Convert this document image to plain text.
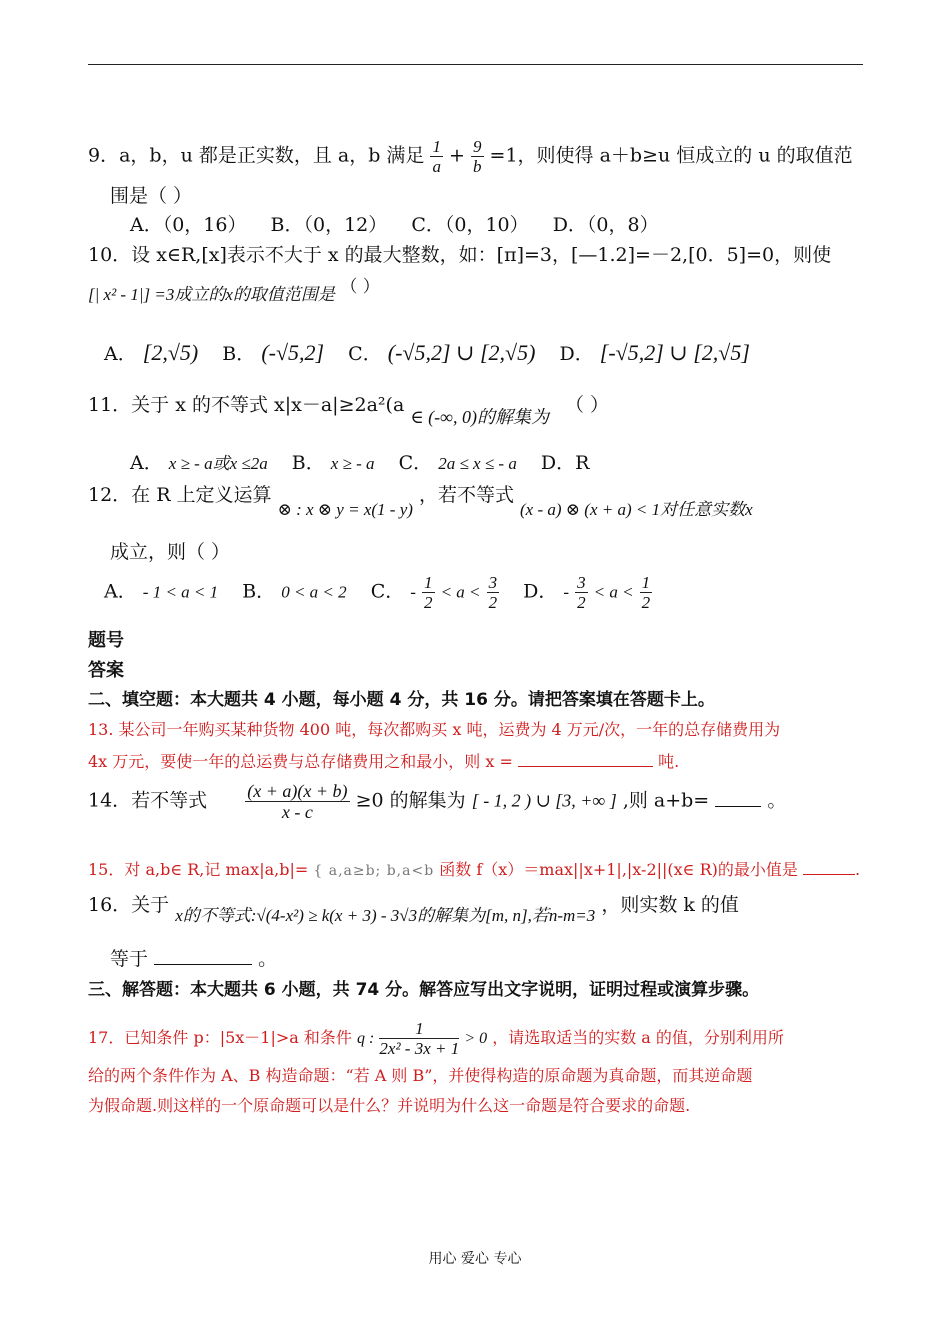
9．a，b，u 都是正实数，且 a，b 满足 $\frac{1}{a} + \frac{9}{b} =1$，则使得 a＋b≥u 恒成立的 u 的取值范
围是（ ）
A．（0，16） B．（0，12） C．（0，10） D．（0，8）
10．设 x∈R,[x]表示不大于 x 的最大整数，如：[π]=3，[—1.2]=－2,[0．5]=0，则使
[| x² - 1|] =3成立的x的取值范围是 （ ）
A． [2,√5) B． (-√5,2] C． (-√5,2] ∪ [2,√5) D． [-√5,2] ∪ [2,√5]
11．关于 x 的不等式 x|x－a|≥2a²(a ∈ (-∞, 0)的解集为 （ ）
A． x ≥ - a或x ≤2a B． x ≥ - a C． 2a ≤ x ≤ - a D．R
12．在 R 上定义运算 ⊗ : x ⊗ y = x(1 - y) ，若不等式 (x - a) ⊗ (x + a) < 1对任意实数x
成立，则（ ）
A． - 1 < a < 1 B． 0 < a < 2 C． - $\frac{1}{2} < a < \frac{3}{2}$ D． - $\frac{3}{2} < a < \frac{1}{2}$
题号
答案
二、填空题：本大题共 4 小题，每小题 4 分，共 16 分。请把答案填在答题卡上。
13. 某公司一年购买某种货物 400 吨，每次都购买 x 吨，运费为 4 万元/次，一年的总存储费用为
4x 万元，要使一年的总运费与总存储费用之和最小，则 x =	吨.
14．若不等式 $\frac{(x + a)(x + b)}{x - c} \ge 0$ 的解集为 [ - 1, 2 ) ∪ [3, +∞ ] ,则 a+b=	。
15．对 a,b∈ R,记 max|a,b|= { a,a≥b; b,a<b 函数 f（x）＝max||x+1|,|x-2||(x∈ R)的最小值是	.
16．关于 x的不等式:√(4-x²) ≥ k(x + 3) - 3√3的解集为[m, n],若n-m=3 ，则实数 k 的值
等于	。
三、解答题：本大题共 6 小题，共 74 分。解答应写出文字说明，证明过程或演算步骤。
17．已知条件 p：|5x－1|>a 和条件 q : $\frac{1}{\text{2x² - 3x + 1}} > 0$ ，请选取适当的实数 a 的值，分别利用所
给的两个条件作为 A、B 构造命题：“若 A 则 B”，并使得构造的原命题为真命题，而其逆命题
为假命题.则这样的一个原命题可以是什么？并说明为什么这一命题是符合要求的命题.
用心 爱心 专心
